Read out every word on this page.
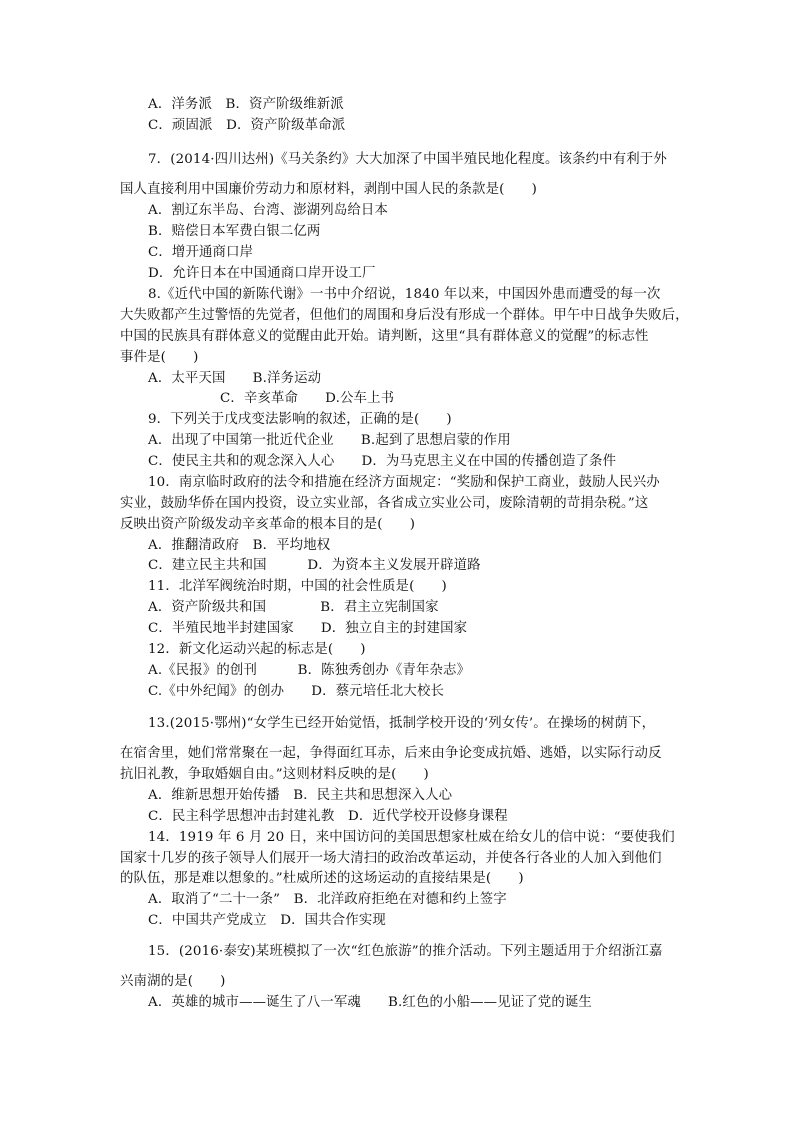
A．洋务派　B．资产阶级维新派
C．顽固派　D．资产阶级革命派
7．(2014·四川达州)《马关条约》大大加深了中国半殖民地化程度。该条约中有利于外
国人直接利用中国廉价劳动力和原材料，剥削中国人民的条款是(　　)
A．割辽东半岛、台湾、澎湖列岛给日本
B．赔偿日本军费白银二亿两
C．增开通商口岸
D．允许日本在中国通商口岸开设工厂
8.《近代中国的新陈代谢》一书中介绍说，1840 年以来，中国因外患而遭受的每一次
大失败都产生过警悟的先觉者，但他们的周围和身后没有形成一个群体。甲午中日战争失败后，
中国的民族具有群体意义的觉醒由此开始。请判断，这里“具有群体意义的觉醒”的标志性
事件是(　　)
A．太平天国　　B.洋务运动
C．辛亥革命　　D.公车上书
9．下列关于戊戌变法影响的叙述，正确的是(　　)
A．出现了中国第一批近代企业　　B.起到了思想启蒙的作用
C．使民主共和的观念深入人心　　D．为马克思主义在中国的传播创造了条件
10．南京临时政府的法令和措施在经济方面规定：“奖励和保护工商业，鼓励人民兴办
实业，鼓励华侨在国内投资，设立实业部，各省成立实业公司，废除清朝的苛捐杂税。”这
反映出资产阶级发动辛亥革命的根本目的是(　　)
A．推翻清政府　B．平均地权
C．建立民主共和国　　　D．为资本主义发展开辟道路
11．北洋军阀统治时期，中国的社会性质是(　　)
A．资产阶级共和国　　　　B．君主立宪制国家
C．半殖民地半封建国家　　D．独立自主的封建国家
12．新文化运动兴起的标志是(　　)
A.《民报》的创刊　　　B．陈独秀创办《青年杂志》
C.《中外纪闻》的创办　　D．蔡元培任北大校长
13.(2015·鄂州)“女学生已经开始觉悟，抵制学校开设的‘列女传’。在操场的树荫下，
在宿舍里，她们常常聚在一起，争得面红耳赤，后来由争论变成抗婚、逃婚，以实际行动反
抗旧礼教，争取婚姻自由。”这则材料反映的是(　　)
A．维新思想开始传播　B．民主共和思想深入人心
C．民主科学思想冲击封建礼教　D．近代学校开设修身课程
14．1919 年 6 月 20 日，来中国访问的美国思想家杜威在给女儿的信中说：“要使我们
国家十几岁的孩子领导人们展开一场大清扫的政治改革运动，并使各行各业的人加入到他们
的队伍，那是难以想象的。”杜威所述的这场运动的直接结果是(　　)
A．取消了“二十一条”　B．北洋政府拒绝在对德和约上签字
C．中国共产党成立　D．国共合作实现
15．(2016·泰安)某班模拟了一次“红色旅游”的推介活动。下列主题适用于介绍浙江嘉
兴南湖的是(　　)
A．英雄的城市——诞生了八一军魂　　B.红色的小船——见证了党的诞生
